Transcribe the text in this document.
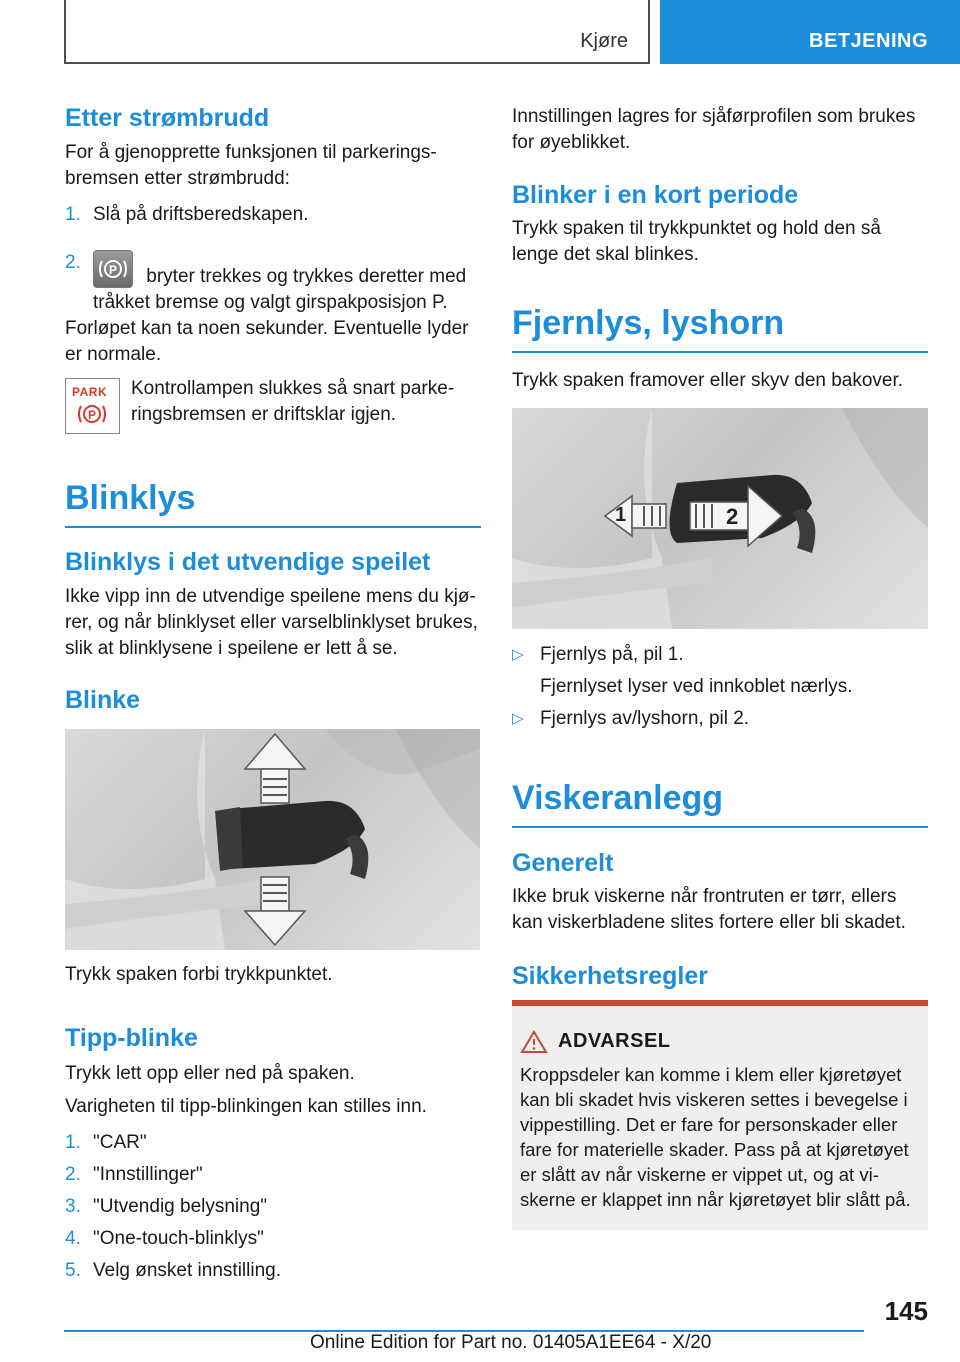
Kjøre	BETJENING
Etter strømbrudd

For å gjenopprette funksjonen til parkerings-bremsen etter strømbrudd:

1. Slå på driftsberedskapen.
2. P bryter trekkes og trykkes deretter med tråkket bremse og valgt girspakposisjon P.

Forløpet kan ta noen sekunder. Eventuelle lyder er normale.

PARK
P

Kontrollampen slukkes så snart parke-ringsbremsen er driftsklar igjen.

Blinklys
Blinklys i det utvendige speilet

Ikke vipp inn de utvendige speilene mens du kjø-rer, og når blinklyset eller varselblinklyset brukes, slik at blinklysene i speilene er lett å se.

Blinke

Trykk spaken forbi trykkpunktet.

Tipp-blinke

Trykk lett opp eller ned på spaken.

Varigheten til tipp-blinkingen kan stilles inn.

1. "CAR"
2. "Innstillinger"
3. "Utvendig belysning"
4. "One-touch-blinklys"
5. Velg ønsket innstilling.

Innstillingen lagres for sjåførprofilen som brukes for øyeblikket.

Blinker i en kort periode

Trykk spaken til trykkpunktet og hold den så lenge det skal blinkes.

Fjernlys, lyshorn

Trykk spaken framover eller skyv den bakover.

1	2
▷ Fjernlys på, pil 1.
Fjernlyset lyser ved innkoblet nærlys.
▷ Fjernlys av/lyshorn, pil 2.
Viskeranlegg
Generelt

Ikke bruk viskerne når frontruten er tørr, ellers kan viskerbladene slites fortere eller bli skadet.

Sikkerhetsregler
ADVARSEL

Kroppsdeler kan komme i klem eller kjøretøyet kan bli skadet hvis viskeren settes i bevegelse i vippestilling. Det er fare for personskader eller fare for materielle skader. Pass på at kjøretøyet er slått av når viskerne er vippet ut, og at vi-skerne er klappet inn når kjøretøyet blir slått på.

145
Online Edition for Part no. 01405A1EE64 - X/20
